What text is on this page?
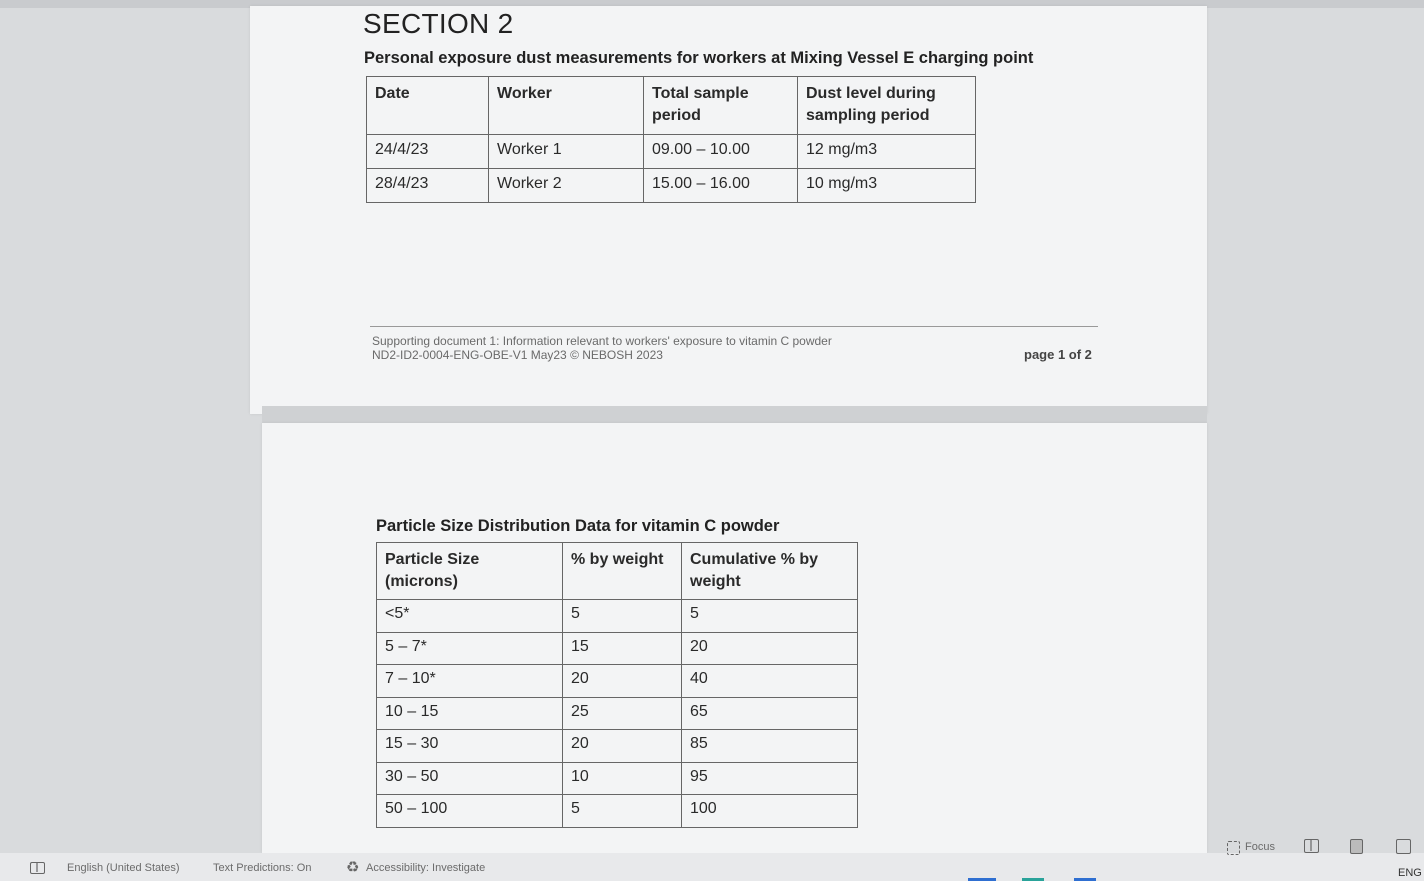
SECTION 2
Personal exposure dust measurements for workers at Mixing Vessel E charging point
Date	Worker	Total sample period	Dust level during sampling period
24/4/23	Worker 1	09.00 – 10.00	12 mg/m3
28/4/23	Worker 2	15.00 – 16.00	10 mg/m3
Supporting document 1: Information relevant to workers' exposure to vitamin C powder
ND2-ID2-0004-ENG-OBE-V1 May23 © NEBOSH 2023	page 1 of 2
Particle Size Distribution Data for vitamin C powder
Particle Size (microns)	% by weight	Cumulative % by weight
<5*	5	5
5 – 7*	15	20
7 – 10*	20	40
10 – 15	25	65
15 – 30	20	85
30 – 50	10	95
50 – 100	5	100
English (United States)	Text Predictions: On ♻ Accessibility: Investigate
Focus
ENG
